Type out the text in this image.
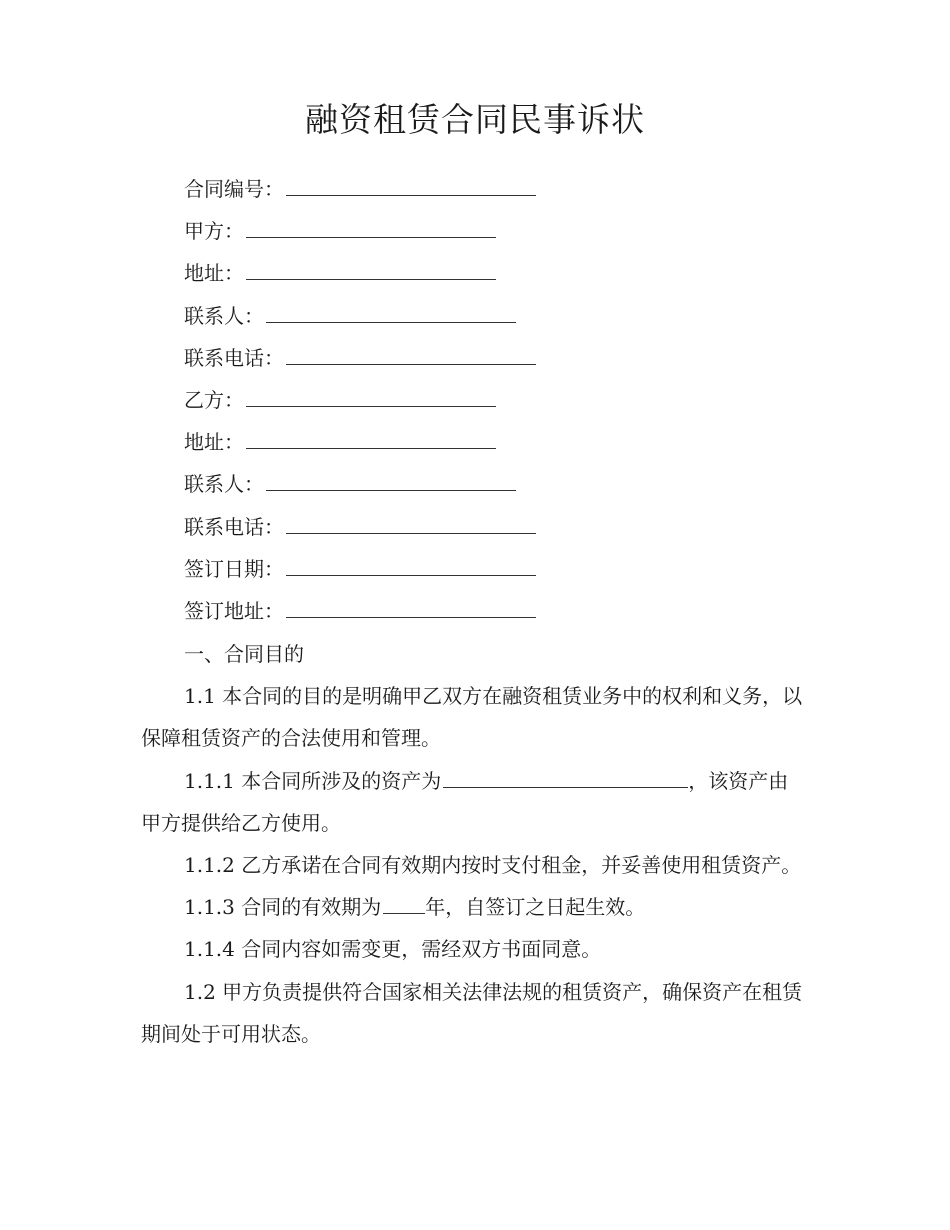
融资租赁合同民事诉状
合同编号：
甲方：
地址：
联系人：
联系电话：
乙方：
地址：
联系人：
联系电话：
签订日期：
签订地址：

一、合同目的

1.1 本合同的目的是明确甲乙双方在融资租赁业务中的权利和义务，以保障租赁资产的合法使用和管理。

1.1.1 本合同所涉及的资产为	，该资产由甲方提供给乙方使用。

1.1.2 乙方承诺在合同有效期内按时支付租金，并妥善使用租赁资产。

1.1.3 合同的有效期为 年，自签订之日起生效。

1.1.4 合同内容如需变更，需经双方书面同意。

1.2 甲方负责提供符合国家相关法律法规的租赁资产，确保资产在租赁期间处于可用状态。
